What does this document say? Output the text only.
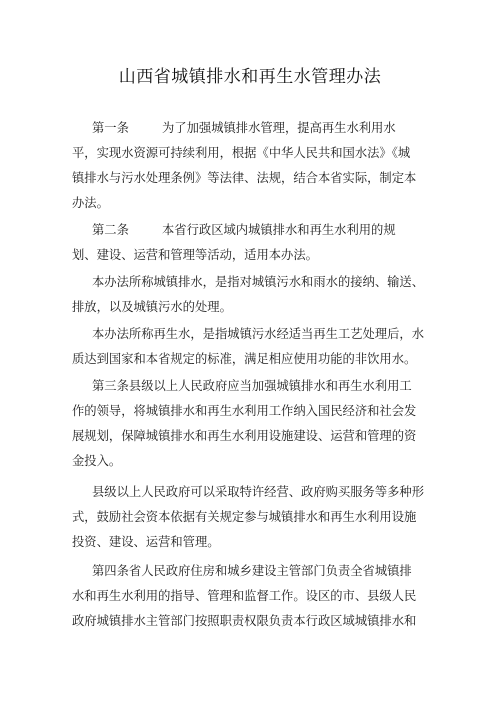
山西省城镇排水和再生水管理办法
第一条	为了加强城镇排水管理，提高再生水利用水
平，实现水资源可持续利用，根据《中华人民共和国水法》《城
镇排水与污水处理条例》等法律、法规，结合本省实际，制定本
办法。
第二条	本省行政区域内城镇排水和再生水利用的规
划、建设、运营和管理等活动，适用本办法。
本办法所称城镇排水，是指对城镇污水和雨水的接纳、输送、
排放，以及城镇污水的处理。
本办法所称再生水，是指城镇污水经适当再生工艺处理后，水
质达到国家和本省规定的标准，满足相应使用功能的非饮用水。
第三条县级以上人民政府应当加强城镇排水和再生水利用工
作的领导，将城镇排水和再生水利用工作纳入国民经济和社会发
展规划，保障城镇排水和再生水利用设施建设、运营和管理的资
金投入。
县级以上人民政府可以采取特许经营、政府购买服务等多种形
式，鼓励社会资本依据有关规定参与城镇排水和再生水利用设施
投资、建设、运营和管理。
第四条省人民政府住房和城乡建设主管部门负责全省城镇排
水和再生水利用的指导、管理和监督工作。设区的市、县级人民
政府城镇排水主管部门按照职责权限负责本行政区域城镇排水和
